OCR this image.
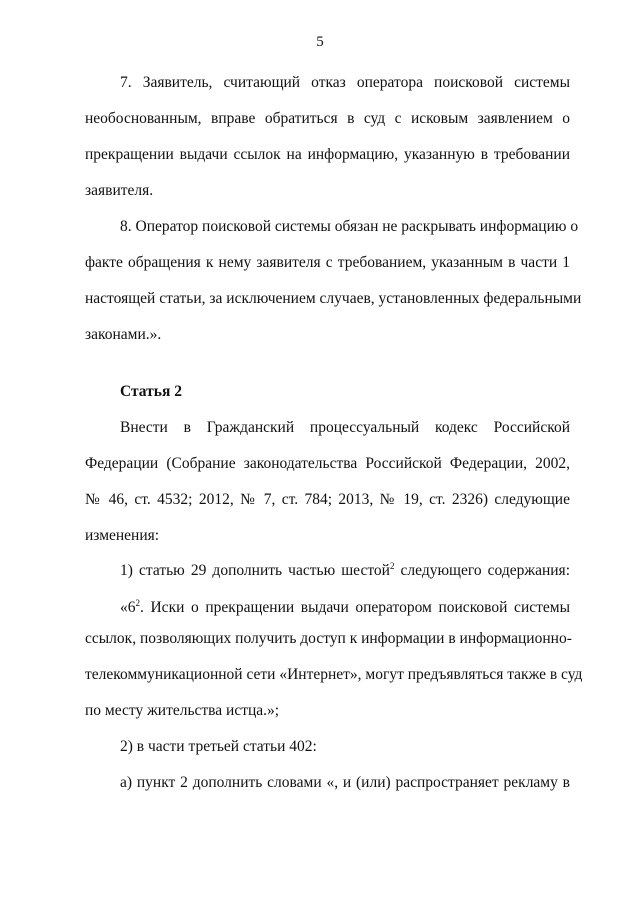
5
7. Заявитель, считающий отказ оператора поисковой системы
необоснованным, вправе обратиться в суд с исковым заявлением о
прекращении выдачи ссылок на информацию, указанную в требовании
заявителя.
8. Оператор поисковой системы обязан не раскрывать информацию о
факте обращения к нему заявителя с требованием, указанным в части 1
настоящей статьи, за исключением случаев, установленных федеральными
законами.».
Статья 2
Внести в Гражданский процессуальный кодекс Российской
Федерации (Собрание законодательства Российской Федерации, 2002,
№ 46, ст. 4532; 2012, № 7, ст. 784; 2013, № 19, ст. 2326) следующие
изменения:
1) статью 29 дополнить частью шестой$^2$ следующего содержания:
«$6^2$. Иски о прекращении выдачи оператором поисковой системы
ссылок, позволяющих получить доступ к информации в информационно-
телекоммуникационной сети «Интернет», могут предъявляться также в суд
по месту жительства истца.»;
2) в части третьей статьи 402:
а) пункт 2 дополнить словами «, и (или) распространяет рекламу в
